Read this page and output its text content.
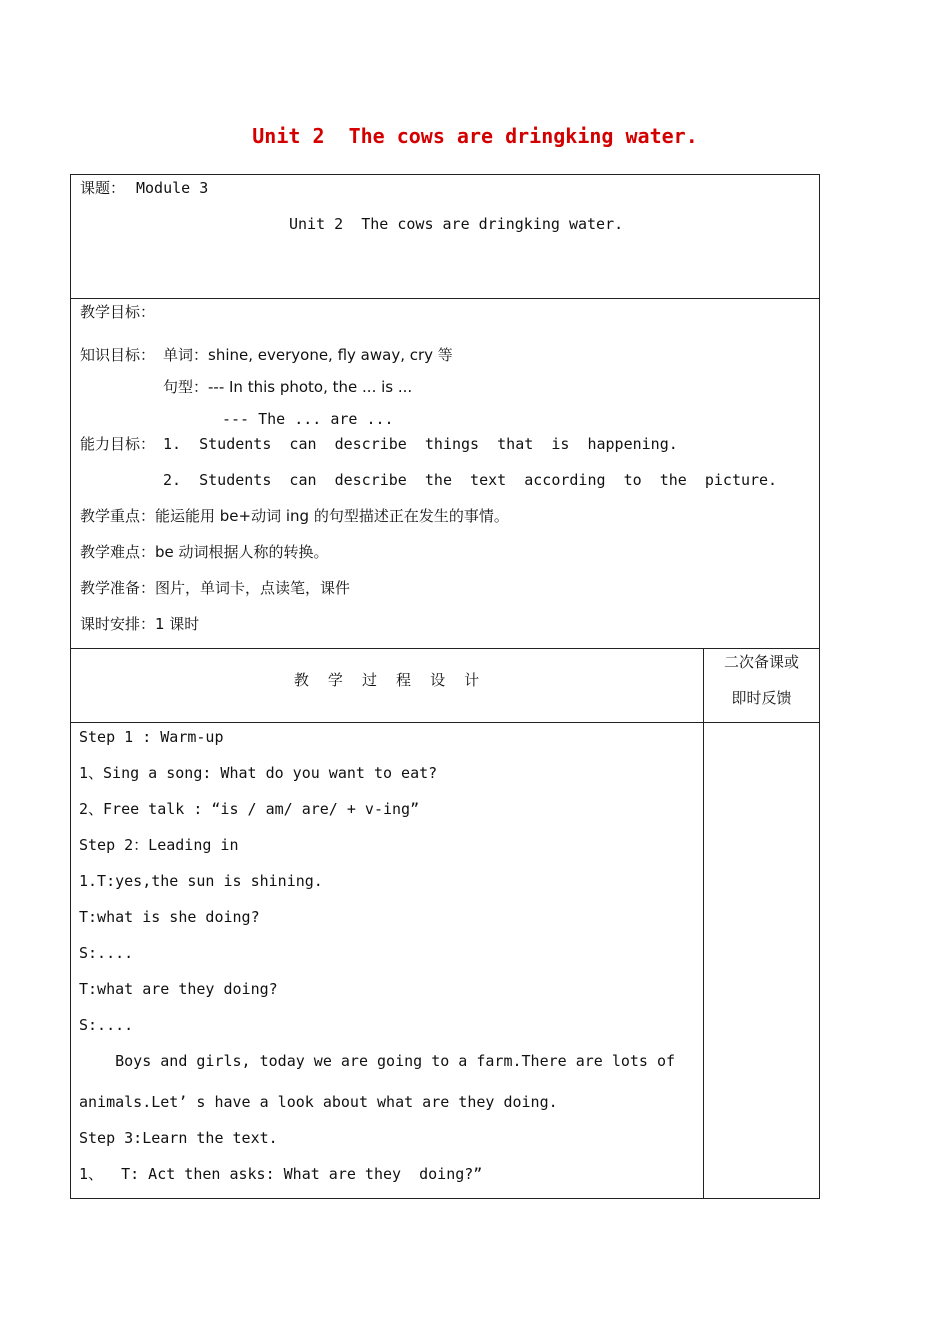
Unit 2  The cows are dringking water.
课题： Module 3
Unit 2  The cows are dringking water.
教学目标：
知识目标： 单词：shine, everyone, fly away, cry 等
句型：--- In this photo, the ... is ...
--- The ... are ...
能力目标： 1.  Students  can  describe  things  that  is  happening.
2.  Students  can  describe  the  text  according  to  the  picture.
教学重点：能运能用 be+动词 ing 的句型描述正在发生的事情。
教学难点：be 动词根据人称的转换。
教学准备：图片，单词卡，点读笔，课件
课时安排：1 课时
教    学    过    程    设    计
二次备课或
即时反馈
Step 1 : Warm-up
1、Sing a song: What do you want to eat?
2、Free talk : “is / am/ are/ + v-ing”
Step 2：Leading in
1.T:yes,the sun is shining.
T:what is she doing?
S:....
T:what are they doing?
S:....
Boys and girls, today we are going to a farm.There are lots of
animals.Let’ s have a look about what are they doing.
Step 3:Learn the text.
1、  T: Act then asks: What are they  doing?”
